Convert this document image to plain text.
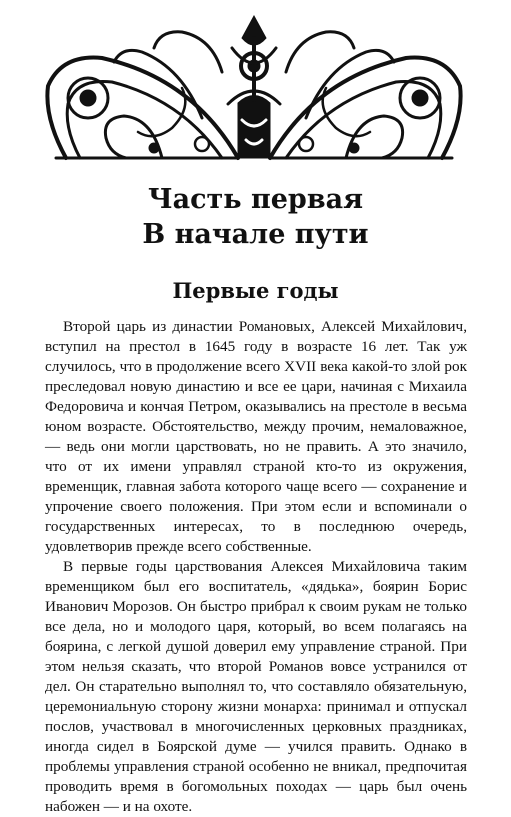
Часть первая
В начале пути
Первые годы

Второй царь из династии Романовых, Алексей Михайлович, вступил на престол в 1645 году в возрасте 16 лет. Так уж случилось, что в продолжение всего XVII века какой-то злой рок преследовал новую династию и все ее цари, начиная с Михаила Федоровича и кончая Петром, оказывались на престоле в весьма юном возрасте. Обстоятельство, между прочим, немаловажное, — ведь они могли царствовать, но не править. А это значило, что от их имени управлял страной кто-то из окружения, временщик, главная забота которого чаще всего — сохранение и упрочение своего положения. При этом если и вспоминали о государственных интересах, то в последнюю очередь, удовлетворив прежде всего собственные.

В первые годы царствования Алексея Михайловича таким временщиком был его воспитатель, «дядька», боярин Борис Иванович Морозов. Он быстро прибрал к своим рукам не только все дела, но и молодого царя, который, во всем полагаясь на боярина, с легкой душой доверил ему управление страной. При этом нельзя сказать, что второй Романов вовсе устранился от дел. Он старательно выполнял то, что составляло обязательную, церемониальную сторону жизни монарха: принимал и отпускал послов, участвовал в многочисленных церковных праздниках, иногда сидел в Боярской думе — учился править. Однако в проблемы управления страной особенно не вникал, предпочитая проводить время в богомольных походах — царь был очень набожен — и на охоте.
